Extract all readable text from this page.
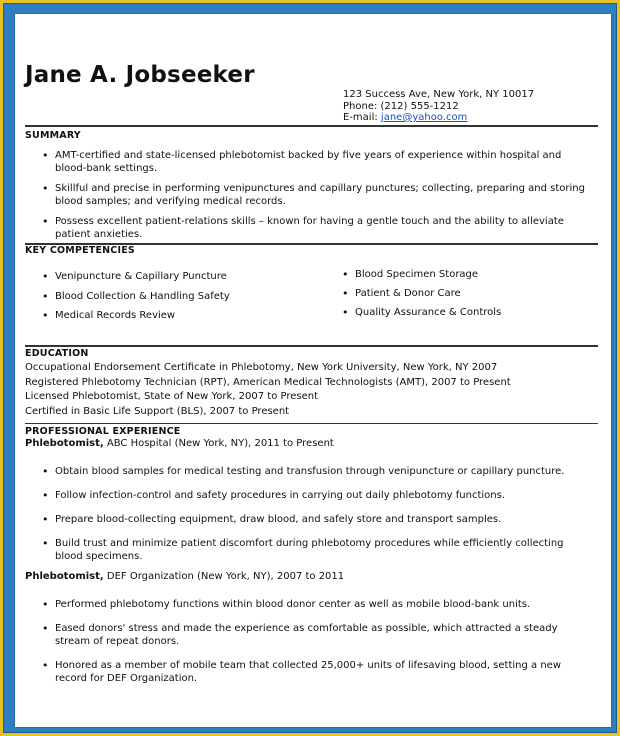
Jane A. Jobseeker
123 Success Ave, New York, NY 10017
Phone: (212) 555-1212
E-mail: jane@yahoo.com
SUMMARY
• AMT-certified and state-licensed phlebotomist backed by five years of experience within hospital and blood-bank settings.
• Skillful and precise in performing venipunctures and capillary punctures; collecting, preparing and storing blood samples; and verifying medical records.
• Possess excellent patient-relations skills – known for having a gentle touch and the ability to alleviate patient anxieties.
KEY COMPETENCIES
• Venipuncture & Capillary Puncture
• Blood Collection & Handling Safety
• Medical Records Review
• Blood Specimen Storage
• Patient & Donor Care
• Quality Assurance & Controls
EDUCATION
Occupational Endorsement Certificate in Phlebotomy, New York University, New York, NY 2007
Registered Phlebotomy Technician (RPT), American Medical Technologists (AMT), 2007 to Present
Licensed Phlebotomist, State of New York, 2007 to Present
Certified in Basic Life Support (BLS), 2007 to Present
PROFESSIONAL EXPERIENCE
Phlebotomist, ABC Hospital (New York, NY), 2011 to Present
• Obtain blood samples for medical testing and transfusion through venipuncture or capillary puncture.
• Follow infection-control and safety procedures in carrying out daily phlebotomy functions.
• Prepare blood-collecting equipment, draw blood, and safely store and transport samples.
• Build trust and minimize patient discomfort during phlebotomy procedures while efficiently collecting blood specimens.
Phlebotomist, DEF Organization (New York, NY), 2007 to 2011
• Performed phlebotomy functions within blood donor center as well as mobile blood-bank units.
• Eased donors' stress and made the experience as comfortable as possible, which attracted a steady stream of repeat donors.
• Honored as a member of mobile team that collected 25,000+ units of lifesaving blood, setting a new record for DEF Organization.
